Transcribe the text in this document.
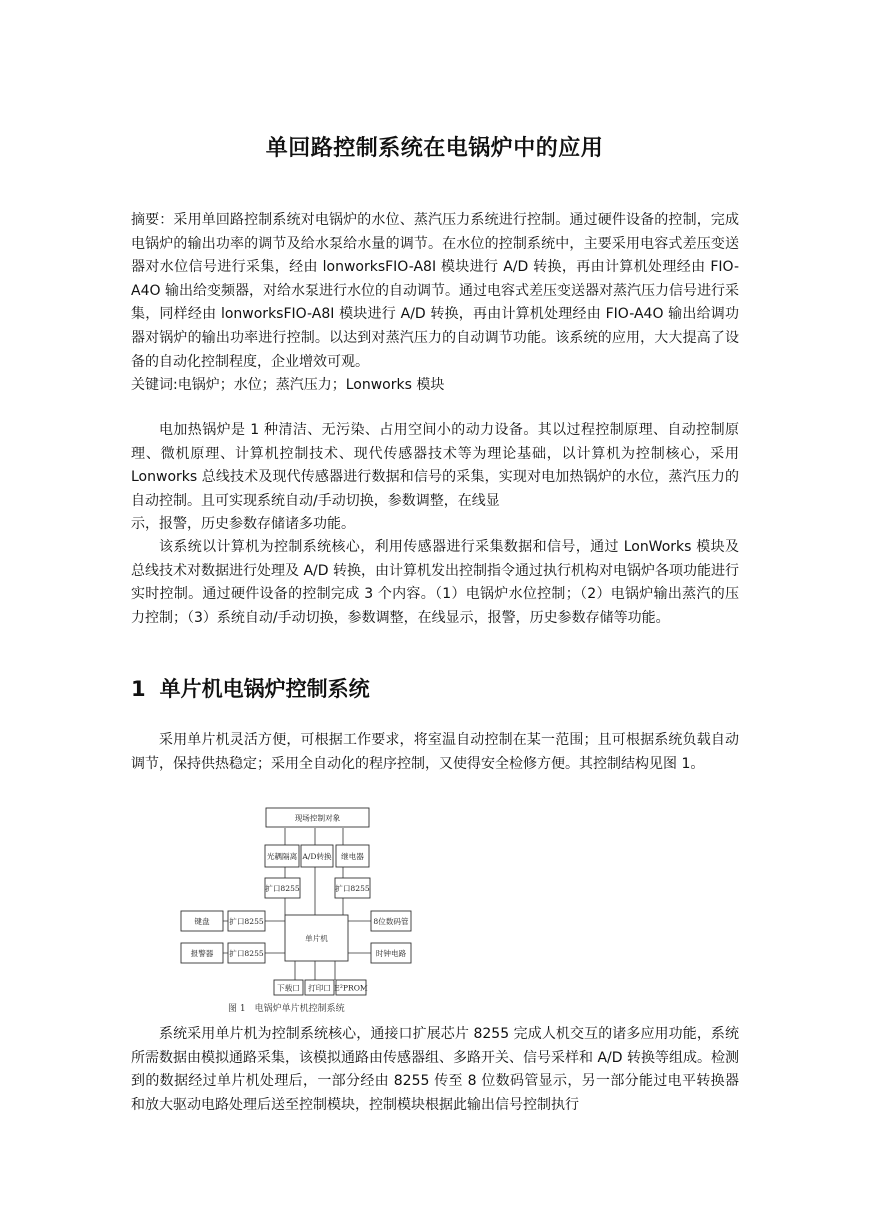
单回路控制系统在电锅炉中的应用

摘要：采用单回路控制系统对电锅炉的水位、蒸汽压力系统进行控制。通过硬件设备的控制，完成电锅炉的输出功率的调节及给水泵给水量的调节。在水位的控制系统中，主要采用电容式差压变送器对水位信号进行采集，经由 lonworksFIO-A8I 模块进行 A/D 转换，再由计算机处理经由 FIO-A4O 输出给变频器，对给水泵进行水位的自动调节。通过电容式差压变送器对蒸汽压力信号进行采集，同样经由 lonworksFIO-A8I 模块进行 A/D 转换，再由计算机处理经由 FIO-A4O 输出给调功器对锅炉的输出功率进行控制。以达到对蒸汽压力的自动调节功能。该系统的应用，大大提高了设备的自动化控制程度，企业增效可观。

关键词:电锅炉；水位；蒸汽压力；Lonworks 模块

电加热锅炉是 1 种清洁、无污染、占用空间小的动力设备。其以过程控制原理、自动控制原理、微机原理、计算机控制技术、现代传感器技术等为理论基础，以计算机为控制核心，采用 Lonworks 总线技术及现代传感器进行数据和信号的采集，实现对电加热锅炉的水位，蒸汽压力的自动控制。且可实现系统自动/手动切换，参数调整，在线显

示，报警，历史参数存储诸多功能。

该系统以计算机为控制系统核心，利用传感器进行采集数据和信号，通过 LonWorks 模块及总线技术对数据进行处理及 A/D 转换，由计算机发出控制指令通过执行机构对电锅炉各项功能进行实时控制。通过硬件设备的控制完成 3 个内容。（1）电锅炉水位控制；（2）电锅炉输出蒸汽的压力控制；（3）系统自动/手动切换，参数调整，在线显示，报警，历史参数存储等功能。

1 单片机电锅炉控制系统

采用单片机灵活方便，可根据工作要求，将室温自动控制在某一范围；且可根据系统负载自动调节，保持供热稳定；采用全自动化的程序控制，又使得安全检修方便。其控制结构见图 1。

现场控制对象
光耦隔离 A/D转换 继电器
扩口8255	扩口8255
键盘	扩口8255
单片机
8位数码管
报警器 扩口8255	时钟电路
下载口 打印口 E²PROM
图 1　电锅炉单片机控制系统

系统采用单片机为控制系统核心，通接口扩展芯片 8255 完成人机交互的诸多应用功能，系统所需数据由模拟通路采集，该模拟通路由传感器组、多路开关、信号采样和 A/D 转换等组成。检测到的数据经过单片机处理后，一部分经由 8255 传至 8 位数码管显示，另一部分能过电平转换器和放大驱动电路处理后送至控制模块，控制模块根据此输出信号控制执行
